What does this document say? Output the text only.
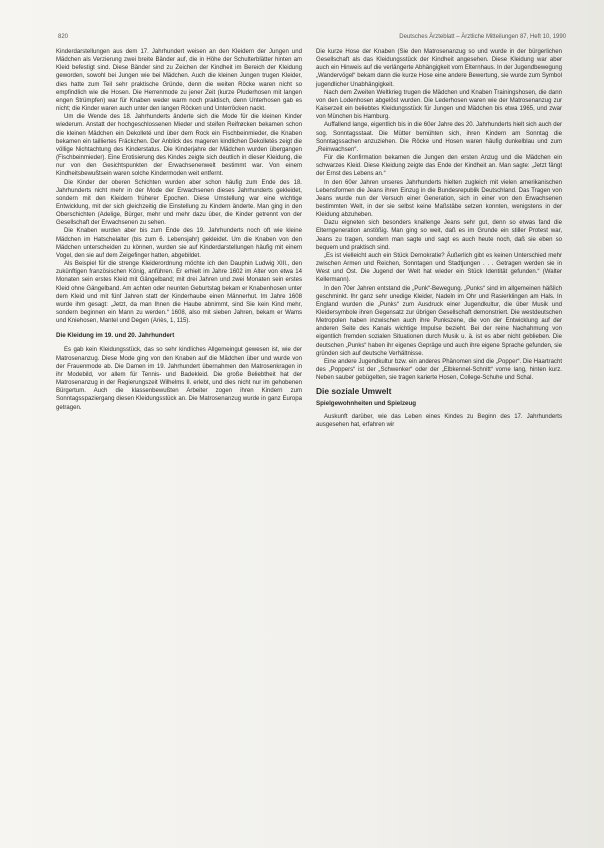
820	Deutsches Ärzteblatt – Ärztliche Mitteilungen 87, Heft 10, 1990

Kinderdarstellungen aus dem 17. Jahrhundert weisen an den Kleidern der Jungen und Mädchen als Verzierung zwei breite Bänder auf, die in Höhe der Schulterblätter hinten am Kleid befestigt sind. Diese Bänder sind zu Zeichen der Kindheit im Bereich der Kleidung geworden, sowohl bei Jungen wie bei Mädchen. Auch die kleinen Jungen trugen Kleider, dies hatte zum Teil sehr praktische Gründe, denn die weiten Röcke waren nicht so empfindlich wie die Hosen. Die Herrenmode zu jener Zeit (kurze Pluderhosen mit langen engen Strümpfen) war für Knaben weder warm noch praktisch, denn Unterhosen gab es nicht; die Kinder waren auch unter den langen Röcken und Unterröcken nackt.

Um die Wende des 18. Jahrhunderts änderte sich die Mode für die kleinen Kinder wiederum. Anstatt der hochgeschlossenen Mieder und steifen Reifrøcken bekamen schon die kleinen Mädchen ein Dekolleté und über dem Rock ein Fischbeinmieder, die Knaben bekamen ein tailliertes Fräckchen. Der Anblick des mageren kindlichen Dekolletés zeigt die völlige Nichtachtung des Kinderstatus. Die Kinderjahre der Mädchen wurden übergangen (Fischbeinmieder). Eine Erotisierung des Kindes zeigte sich deutlich in dieser Kleidung, die nur von den Gesichtspunkten der Erwachsenenwelt bestimmt war. Von einem Kindheitsbewußtsein waren solche Kindermoden weit entfernt.

Die Kinder der oberen Schichten wurden aber schon häufig zum Ende des 18. Jahrhunderts nicht mehr in der Mode der Erwachsenen dieses Jahrhunderts gekleidet, sondern mit den Kleidern früherer Epochen. Diese Umstellung war eine wichtige Entwicklung, mit der sich gleichzeitig die Einstellung zu Kindern änderte. Man ging in den Oberschichten (Adelige, Bürger, mehr und mehr dazu über, die Kinder getrennt von der Gesellschaft der Erwachsenen zu sehen.

Die Knaben wurden aber bis zum Ende des 19. Jahrhunderts noch oft wie kleine Mädchen im Hatschelalter (bis zum 6. Lebensjahr) gekleidet. Um die Knaben von den Mädchen unterscheiden zu können, wurden sie auf Kinderdarstellungen häufig mit einem Vogel, den sie auf dem Zeigefinger hatten, abgebildet.

Als Beispiel für die strenge Kleiderordnung möchte ich den Dauphin Ludwig XIII., den zukünftigen französischen König, anführen. Er erhielt im Jahre 1602 im Alter von etwa 14 Monaten sein erstes Kleid mit Gängelband; mit drei Jahren und zwei Monaten sein erstes Kleid ohne Gängelband. Am achten oder neunten Geburtstag bekam er Knabenhosen unter dem Kleid und mit fünf Jahren statt der Kinderhaube einen Männerhut. Im Jahre 1608 wurde ihm gesagt: „Jetzt, da man Ihnen die Haube abnimmt, sind Sie kein Kind mehr, sondern beginnen ein Mann zu werden.“ 1608, also mit sieben Jahren, bekam er Wams und Kniehosen, Mantel und Degen (Ariès, 1, 115).

Die Kleidung im 19. und 20. Jahrhundert

Es gab kein Kleidungsstück, das so sehr kindliches Allgemeingut gewesen ist, wie der Matrosenanzug. Diese Mode ging von den Knaben auf die Mädchen über und wurde von der Frauenmode ab. Die Damen im 19. Jahrhundert übernahmen den Matrosenkragen in ihr Modebild, vor allem für Tennis- und Badekleid. Die große Beliebtheit hat der Matrosenanzug in der Regierungszeit Wilhelms II. erlebt, und dies nicht nur im gehobenen Bürgertum. Auch die klassenbewußten Arbeiter zogen ihren Kindern zum Sonntagsspaziergang diesen Kleidungsstück an. Die Matrosenanzug wurde in ganz Europa getragen.

Die kurze Hose der Knaben (Sie den Matrosenanzug so und wurde in der bürgerlichen Gesellschaft als das Kleidungsstück der Kindheit angesehen. Diese Kleidung war aber auch ein Hinweis auf die verlängerte Abhängigkeit vom Elternhaus. In der Jugendbewegung „Wandervögel“ bekam dann die kurze Hose eine andere Bewertung, sie wurde zum Symbol jugendlicher Unabhängigkeit.

Nach dem Zweiten Weltkrieg trugen die Mädchen und Knaben Trainingshosen, die dann von den Lodenhosen abgelöst wurden. Die Lederhosen waren wie der Matrosenanzug zur Kaiserzeit ein beliebtes Kleidungsstück für Jungen und Mädchen bis etwa 1965, und zwar von München bis Hamburg.

Auffallend lange, eigentlich bis in die 60er Jahre des 20. Jahrhunderts hielt sich auch der sog. Sonntagsstaat. Die Mütter bemühten sich, ihren Kindern am Sonntag die Sonntagssachen anzuziehen. Die Röcke und Hosen waren häufig dunkelblau und zum „Reinwachsen“.

Für die Konfirmation bekamen die Jungen den ersten Anzug und die Mädchen ein schwarzes Kleid. Diese Kleidung zeigte das Ende der Kindheit an. Man sagte: „Jetzt fängt der Ernst des Lebens an.“

In den 60er Jahren unseres Jahrhunderts hielten zugleich mit vielen amerikanischen Lebensformen die Jeans ihren Einzug in die Bundesrepublik Deutschland. Das Tragen von Jeans wurde nun der Versuch einer Generation, sich in einer von den Erwachsenen bestimmten Welt, in der sie selbst keine Maßstäbe setzen konnten, wenigstens in der Kleidung abzuheben.

Dazu eigneten sich besonders knallenge Jeans sehr gut, denn so etwas fand die Elterngeneration anstößig. Man ging so weit, daß es im Grunde ein stiller Protest war, Jeans zu tragen, sondern man sagte und sagt es auch heute noch, daß sie eben so bequem und praktisch sind.

„Es ist vielleicht auch ein Stück Demokratie? Äußerlich gibt es keinen Unterschied mehr zwischen Armen und Reichen, Sonntagen und Stadtjungen . . . Getragen werden sie in West und Ost. Die Jugend der Welt hat wieder ein Stück Identität gefunden.“ (Walter Kellermann).

In den 70er Jahren entstand die „Punk“-Bewegung. „Punks“ sind im allgemeinen häßlich geschminkt. Ihr ganz sehr unedige Kleider, Nadeln im Ohr und Rasierklingen am Hals. In England wurden die „Punks“ zum Ausdruck einer Jugendkultur, die über Musik und Kleidersymbole ihren Gegensatz zur übrigen Gesellschaft demonstriert. Die westdeutschen Metropolen haben inzwischen auch ihre Punkszene, die von der Entwicklung auf der anderen Seite des Kanals wichtige Impulse bezieht. Bei der reine Nachahmung von eigentlich fremden sozialen Situationen durch Musik u. ä. ist es aber nicht geblieben. Die deutschen „Punks“ haben ihr eigenes Gepräge und auch ihre eigene Sprache gefunden, sie gründen sich auf deutsche Verhältnisse.

Eine andere Jugendkultur bzw. ein anderes Phänomen sind die „Popper“. Die Haartracht des „Poppers“ ist der „Schwenker“ oder der „Elbkennel-Schnitt“ vorne lang, hinten kurz. Neben sauber gebügelten, sie tragen karierte Hosen, College-Schuhe und Schal.

Die soziale Umwelt
Spielgewohnheiten und Spielzeug

Auskunft darüber, wie das Leben eines Kindes zu Beginn des 17. Jahrhunderts ausgesehen hat, erfahren wir
